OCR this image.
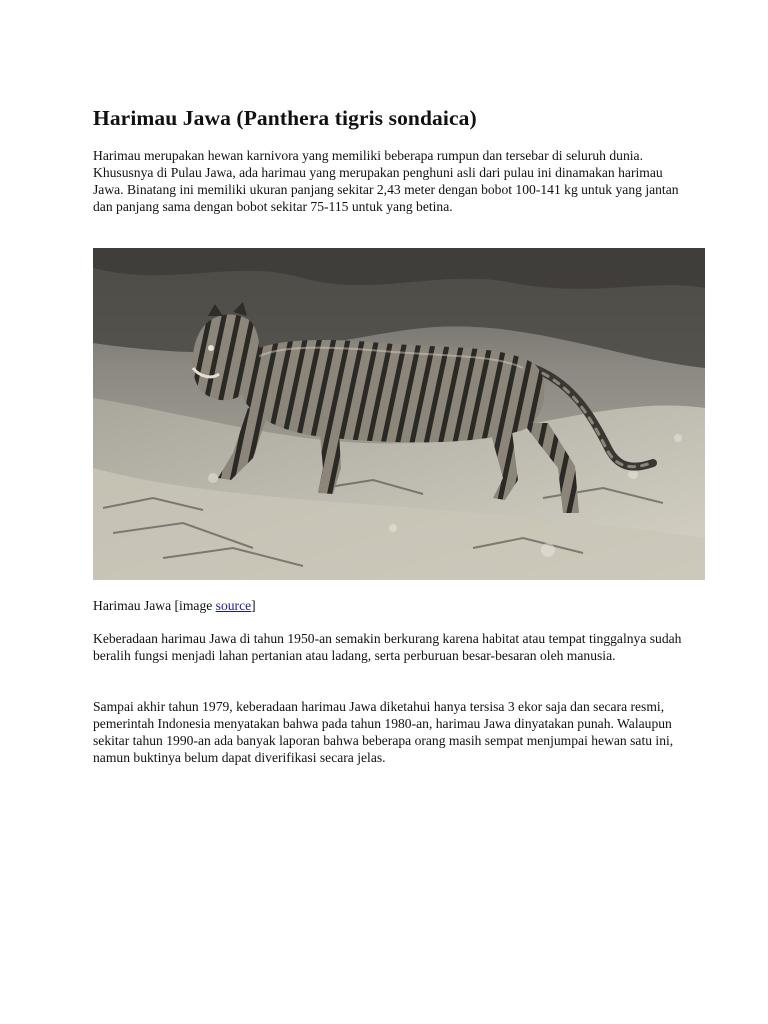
Harimau Jawa (Panthera tigris sondaica)

Harimau merupakan hewan karnivora yang memiliki beberapa rumpun dan tersebar di seluruh dunia. Khususnya di Pulau Jawa, ada harimau yang merupakan penghuni asli dari pulau ini dinamakan harimau Jawa. Binatang ini memiliki ukuran panjang sekitar 2,43 meter dengan bobot 100-141 kg untuk yang jantan dan panjang sama dengan bobot sekitar 75-115 untuk yang betina.

Harimau Jawa [image source]

Keberadaan harimau Jawa di tahun 1950-an semakin berkurang karena habitat atau tempat tinggalnya sudah beralih fungsi menjadi lahan pertanian atau ladang, serta perburuan besar-besaran oleh manusia.

Sampai akhir tahun 1979, keberadaan harimau Jawa diketahui hanya tersisa 3 ekor saja dan secara resmi, pemerintah Indonesia menyatakan bahwa pada tahun 1980-an, harimau Jawa dinyatakan punah. Walaupun sekitar tahun 1990-an ada banyak laporan bahwa beberapa orang masih sempat menjumpai hewan satu ini, namun buktinya belum dapat diverifikasi secara jelas.
